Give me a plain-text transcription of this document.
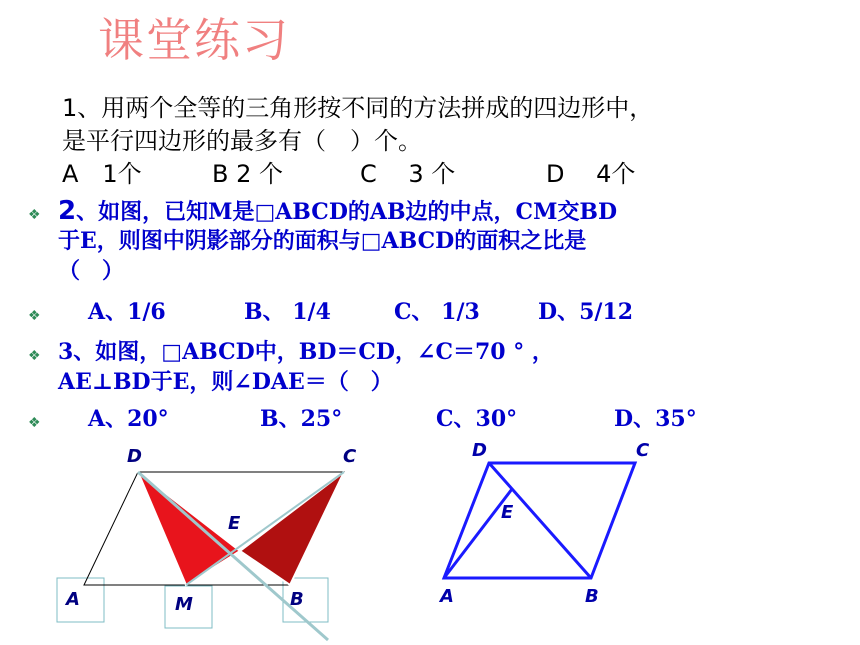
课堂练习
1、用两个全等的三角形按不同的方法拼成的四边形中，
是平行四边形的最多有（　）个。
A　1个	B 2 个	C　 3 个	D　 4个
❖ 2、如图，已知M是□ABCD的AB边的中点，CM交BD
于E，则图中阴影部分的面积与□ABCD的面积之比是
（　）
❖ A、1/6	B、 1/4	C、 1/3	D、5/12
❖ 3、如图，□ABCD中，BD＝CD，∠C＝70 ° ，
AE⊥BD于E，则∠DAE＝（　）
❖ A、20°	B、25°	C、30°	D、35°
D	C
E
A	M	B
D	C
E
A	B
